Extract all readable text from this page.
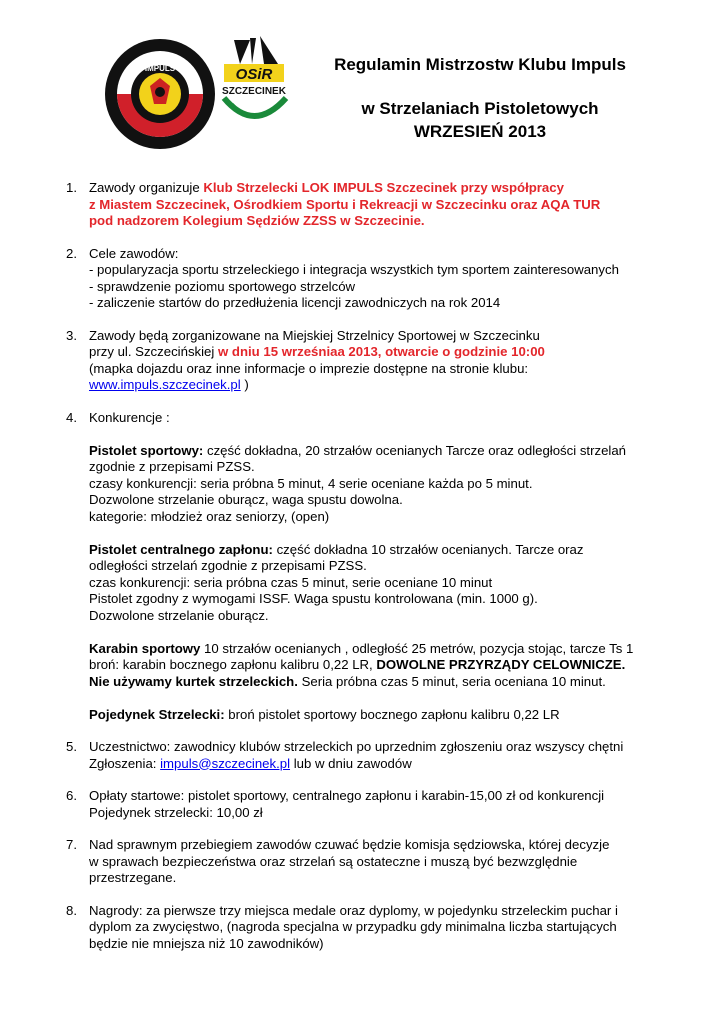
IMPULS	OSiR
SZCZECINEK
Regulamin Mistrzostw Klubu Impuls
w Strzelaniach Pistoletowych
WRZESIEŃ 2013
1. Zawody organizuje Klub Strzelecki LOK IMPULS Szczecinek przy współpracy
z Miastem Szczecinek, Ośrodkiem Sportu i Rekreacji w Szczecinku oraz AQA TUR
pod nadzorem Kolegium Sędziów ZZSS w Szczecinie.
2. Cele zawodów:
- popularyzacja sportu strzeleckiego i integracja wszystkich tym sportem zainteresowanych
- sprawdzenie poziomu sportowego strzelców
- zaliczenie startów do przedłużenia licencji zawodniczych na rok 2014
3. Zawody będą zorganizowane na Miejskiej Strzelnicy Sportowej w Szczecinku
przy ul. Szczecińskiej w dniu 15 wrześniaa 2013, otwarcie o godzinie 10:00
(mapka dojazdu oraz inne informacje o imprezie dostępne na stronie klubu:
www.impuls.szczecinek.pl )
4. Konkurencje :
Pistolet sportowy: część dokładna, 20 strzałów ocenianych Tarcze oraz odległości strzelań
zgodnie z przepisami PZSS.
czasy konkurencji: seria próbna 5 minut, 4 serie oceniane każda po 5 minut.
Dozwolone strzelanie oburącz, waga spustu dowolna.
kategorie: młodzież oraz seniorzy, (open)
Pistolet centralnego zapłonu: część dokładna 10 strzałów ocenianych. Tarcze oraz
odległości strzelań zgodnie z przepisami PZSS.
czas konkurencji: seria próbna czas 5 minut, serie oceniane 10 minut
Pistolet zgodny z wymogami ISSF. Waga spustu kontrolowana (min. 1000 g).
Dozwolone strzelanie oburącz.
Karabin sportowy 10 strzałów ocenianych , odległość 25 metrów, pozycja stojąc, tarcze Ts 1
broń: karabin bocznego zapłonu kalibru 0,22 LR, DOWOLNE PRZYRZĄDY CELOWNICZE.
Nie używamy kurtek strzeleckich. Seria próbna czas 5 minut, seria oceniana 10 minut.
Pojedynek Strzelecki: broń pistolet sportowy bocznego zapłonu kalibru 0,22 LR
5. Uczestnictwo: zawodnicy klubów strzeleckich po uprzednim zgłoszeniu oraz wszyscy chętni
Zgłoszenia: impuls@szczecinek.pl lub w dniu zawodów
6. Opłaty startowe: pistolet sportowy, centralnego zapłonu i karabin-15,00 zł od konkurencji
Pojedynek strzelecki: 10,00 zł
7. Nad sprawnym przebiegiem zawodów czuwać będzie komisja sędziowska, której decyzje
w sprawach bezpieczeństwa oraz strzelań są ostateczne i muszą być bezwzględnie
przestrzegane.
8. Nagrody: za pierwsze trzy miejsca medale oraz dyplomy, w pojedynku strzeleckim puchar i
dyplom za zwycięstwo, (nagroda specjalna w przypadku gdy minimalna liczba startujących
będzie nie mniejsza niż 10 zawodników)
